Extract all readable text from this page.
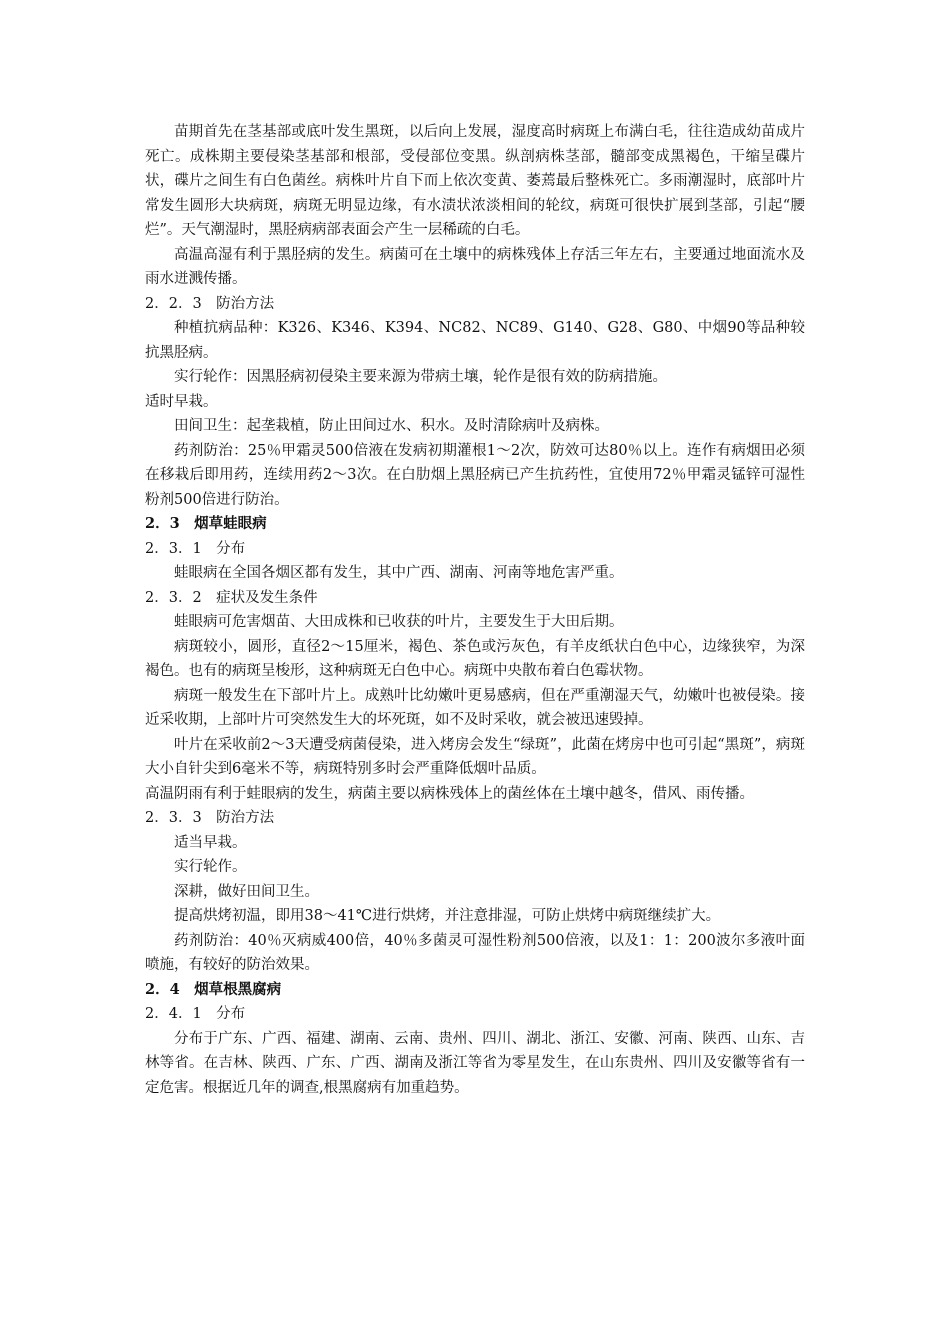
苗期首先在茎基部或底叶发生黑斑，以后向上发展，湿度高时病斑上布满白毛，往往造成幼苗成片死亡。成株期主要侵染茎基部和根部，受侵部位变黑。纵剖病株茎部，髓部变成黑褐色，干缩呈碟片状，碟片之间生有白色菌丝。病株叶片自下而上依次变黄、萎蔫最后整株死亡。多雨潮湿时，底部叶片常发生圆形大块病斑，病斑无明显边缘，有水渍状浓淡相间的轮纹，病斑可很快扩展到茎部，引起“腰烂”。天气潮湿时，黑胫病病部表面会产生一层稀疏的白毛。

高温高湿有利于黑胫病的发生。病菌可在土壤中的病株残体上存活三年左右，主要通过地面流水及雨水迸溅传播。

2．2．3　防治方法

种植抗病品种：K326、K346、K394、NC82、NC89、G140、G28、G80、中烟90等品种较抗黑胫病。

实行轮作：因黑胫病初侵染主要来源为带病土壤，轮作是很有效的防病措施。

适时早栽。

田间卫生：起垄栽植，防止田间过水、积水。及时清除病叶及病株。

药剂防治：25％甲霜灵500倍液在发病初期灌根1～2次，防效可达80％以上。连作有病烟田必须在移栽后即用药，连续用药2～3次。在白肋烟上黑胫病已产生抗药性，宜使用72％甲霜灵锰锌可湿性粉剂500倍进行防治。

2．3　烟草蛙眼病

2．3．1　分布

蛙眼病在全国各烟区都有发生，其中广西、湖南、河南等地危害严重。

2．3．2　症状及发生条件

蛙眼病可危害烟苗、大田成株和已收获的叶片，主要发生于大田后期。

病斑较小，圆形，直径2～15厘米，褐色、茶色或污灰色，有羊皮纸状白色中心，边缘狭窄，为深褐色。也有的病斑呈梭形，这种病斑无白色中心。病斑中央散布着白色霉状物。

病斑一般发生在下部叶片上。成熟叶比幼嫩叶更易感病，但在严重潮湿天气，幼嫩叶也被侵染。接近采收期，上部叶片可突然发生大的坏死斑，如不及时采收，就会被迅速毁掉。

叶片在采收前2～3天遭受病菌侵染，进入烤房会发生“绿斑”，此菌在烤房中也可引起“黑斑”，病斑大小自针尖到6毫米不等，病斑特别多时会严重降低烟叶品质。

高温阴雨有利于蛙眼病的发生，病菌主要以病株残体上的菌丝体在土壤中越冬，借风、雨传播。

2．3．3　防治方法

适当早栽。

实行轮作。

深耕，做好田间卫生。

提高烘烤初温，即用38～41℃进行烘烤，并注意排湿，可防止烘烤中病斑继续扩大。

药剂防治：40％灭病威400倍，40％多菌灵可湿性粉剂500倍液，以及1：1：200波尔多液叶面喷施，有较好的防治效果。

2．4　烟草根黑腐病

2．4．1　分布

分布于广东、广西、福建、湖南、云南、贵州、四川、湖北、浙江、安徽、河南、陕西、山东、吉林等省。在吉林、陕西、广东、广西、湖南及浙江等省为零星发生，在山东贵州、四川及安徽等省有一定危害。根据近几年的调查,根黑腐病有加重趋势。
